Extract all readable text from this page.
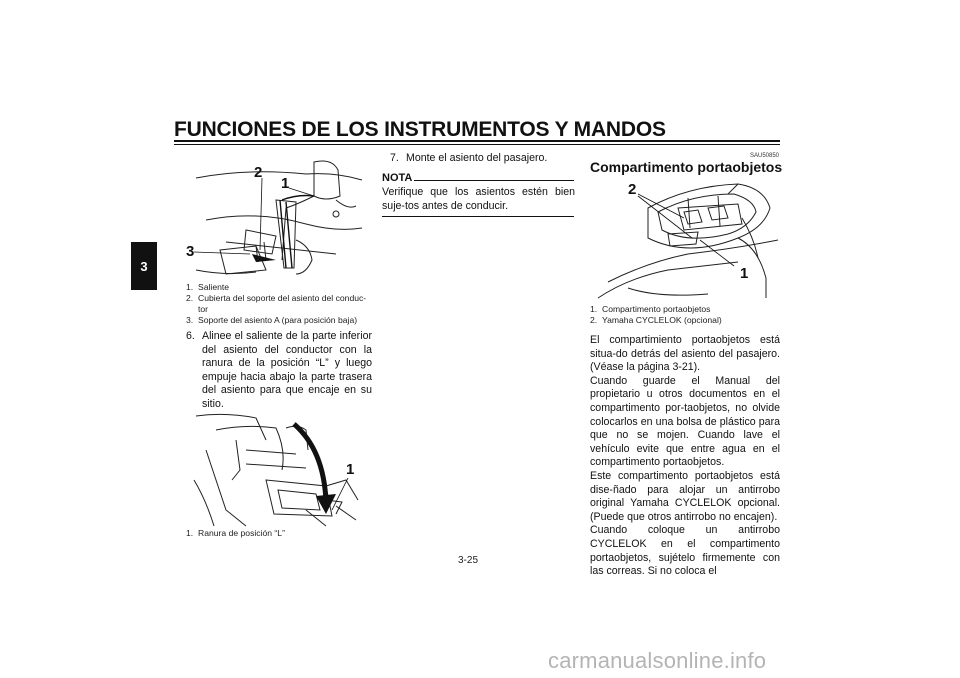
FUNCIONES DE LOS INSTRUMENTOS Y MANDOS
3
2
1
3
1. Saliente
2. Cubierta del soporte del asiento del conduc-tor
3. Soporte del asiento A (para posición baja)
6. Alinee el saliente de la parte inferior del asiento del conductor con la ranura de la posición “L” y luego empuje hacia abajo la parte trasera del asiento para que encaje en su sitio.
1
1. Ranura de posición “L”
7. Monte el asiento del pasajero.
NOTA
Verifique que los asientos estén bien suje-tos antes de conducir.
SAU50850
Compartimento portaobjetos
2
1
1. Compartimento portaobjetos
2. Yamaha CYCLELOK (opcional)
El compartimiento portaobjetos está situa-do detrás del asiento del pasajero. (Véase la página 3-21).
Cuando guarde el Manual del propietario u otros documentos en el compartimento por-taobjetos, no olvide colocarlos en una bolsa de plástico para que no se mojen. Cuando lave el vehículo evite que entre agua en el compartimento portaobjetos.
Este compartimento portaobjetos está dise-ñado para alojar un antirrobo original Yamaha CYCLELOK opcional. (Puede que otros antirrobo no encajen).
Cuando coloque un antirrobo CYCLELOK en el compartimento portaobjetos, sujételo firmemente con las correas. Si no coloca el
3-25
carmanualsonline.info
